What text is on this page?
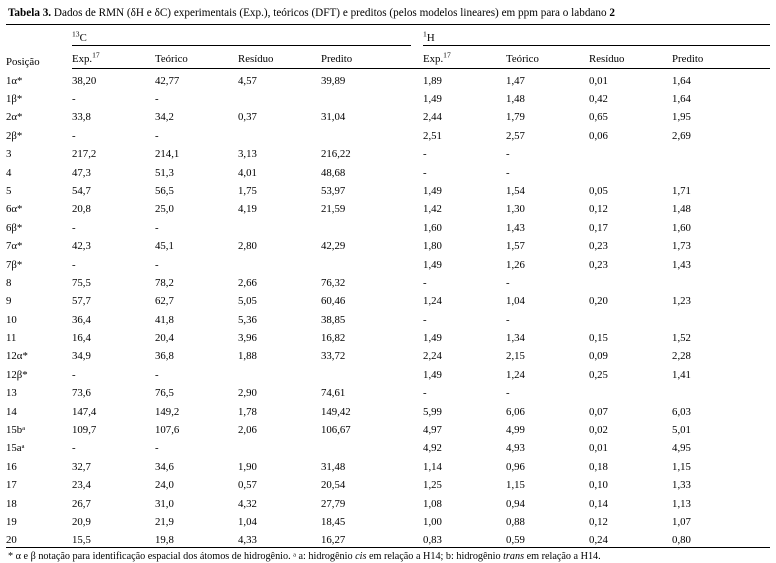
Tabela 3. Dados de RMN (δH e δC) experimentais (Exp.), teóricos (DFT) e preditos (pelos modelos lineares) em ppm para o labdano 2
Posição	$^{13}$C					$^1$H			
	Exp.$^{17}$	Teórico	Resíduo	Predito		Exp.$^{17}$	Teórico	Resíduo	Predito
1α*	38,20	42,77	4,57	39,89		1,89	1,47	0,01	1,64
1β*	-	-				1,49	1,48	0,42	1,64
2α*	33,8	34,2	0,37	31,04		2,44	1,79	0,65	1,95
2β*	-	-				2,51	2,57	0,06	2,69
3	217,2	214,1	3,13	216,22		-	-		
4	47,3	51,3	4,01	48,68		-	-		
5	54,7	56,5	1,75	53,97		1,49	1,54	0,05	1,71
6α*	20,8	25,0	4,19	21,59		1,42	1,30	0,12	1,48
6β*	-	-				1,60	1,43	0,17	1,60
7α*	42,3	45,1	2,80	42,29		1,80	1,57	0,23	1,73
7β*	-	-				1,49	1,26	0,23	1,43
8	75,5	78,2	2,66	76,32		-	-		
9	57,7	62,7	5,05	60,46		1,24	1,04	0,20	1,23
10	36,4	41,8	5,36	38,85		-	-		
11	16,4	20,4	3,96	16,82		1,49	1,34	0,15	1,52
12α*	34,9	36,8	1,88	33,72		2,24	2,15	0,09	2,28
12β*	-	-				1,49	1,24	0,25	1,41
13	73,6	76,5	2,90	74,61		-	-		
14	147,4	149,2	1,78	149,42		5,99	6,06	0,07	6,03
15bᵃ	109,7	107,6	2,06	106,67		4,97	4,99	0,02	5,01
15aᵃ	-	-				4,92	4,93	0,01	4,95
16	32,7	34,6	1,90	31,48		1,14	0,96	0,18	1,15
17	23,4	24,0	0,57	20,54		1,25	1,15	0,10	1,33
18	26,7	31,0	4,32	27,79		1,08	0,94	0,14	1,13
19	20,9	21,9	1,04	18,45		1,00	0,88	0,12	1,07
20	15,5	19,8	4,33	16,27		0,83	0,59	0,24	0,80
* α e β notação para identificação espacial dos átomos de hidrogênio. ᵃ a: hidrogênio cis em relação a H14; b: hidrogênio trans em relação a H14.
